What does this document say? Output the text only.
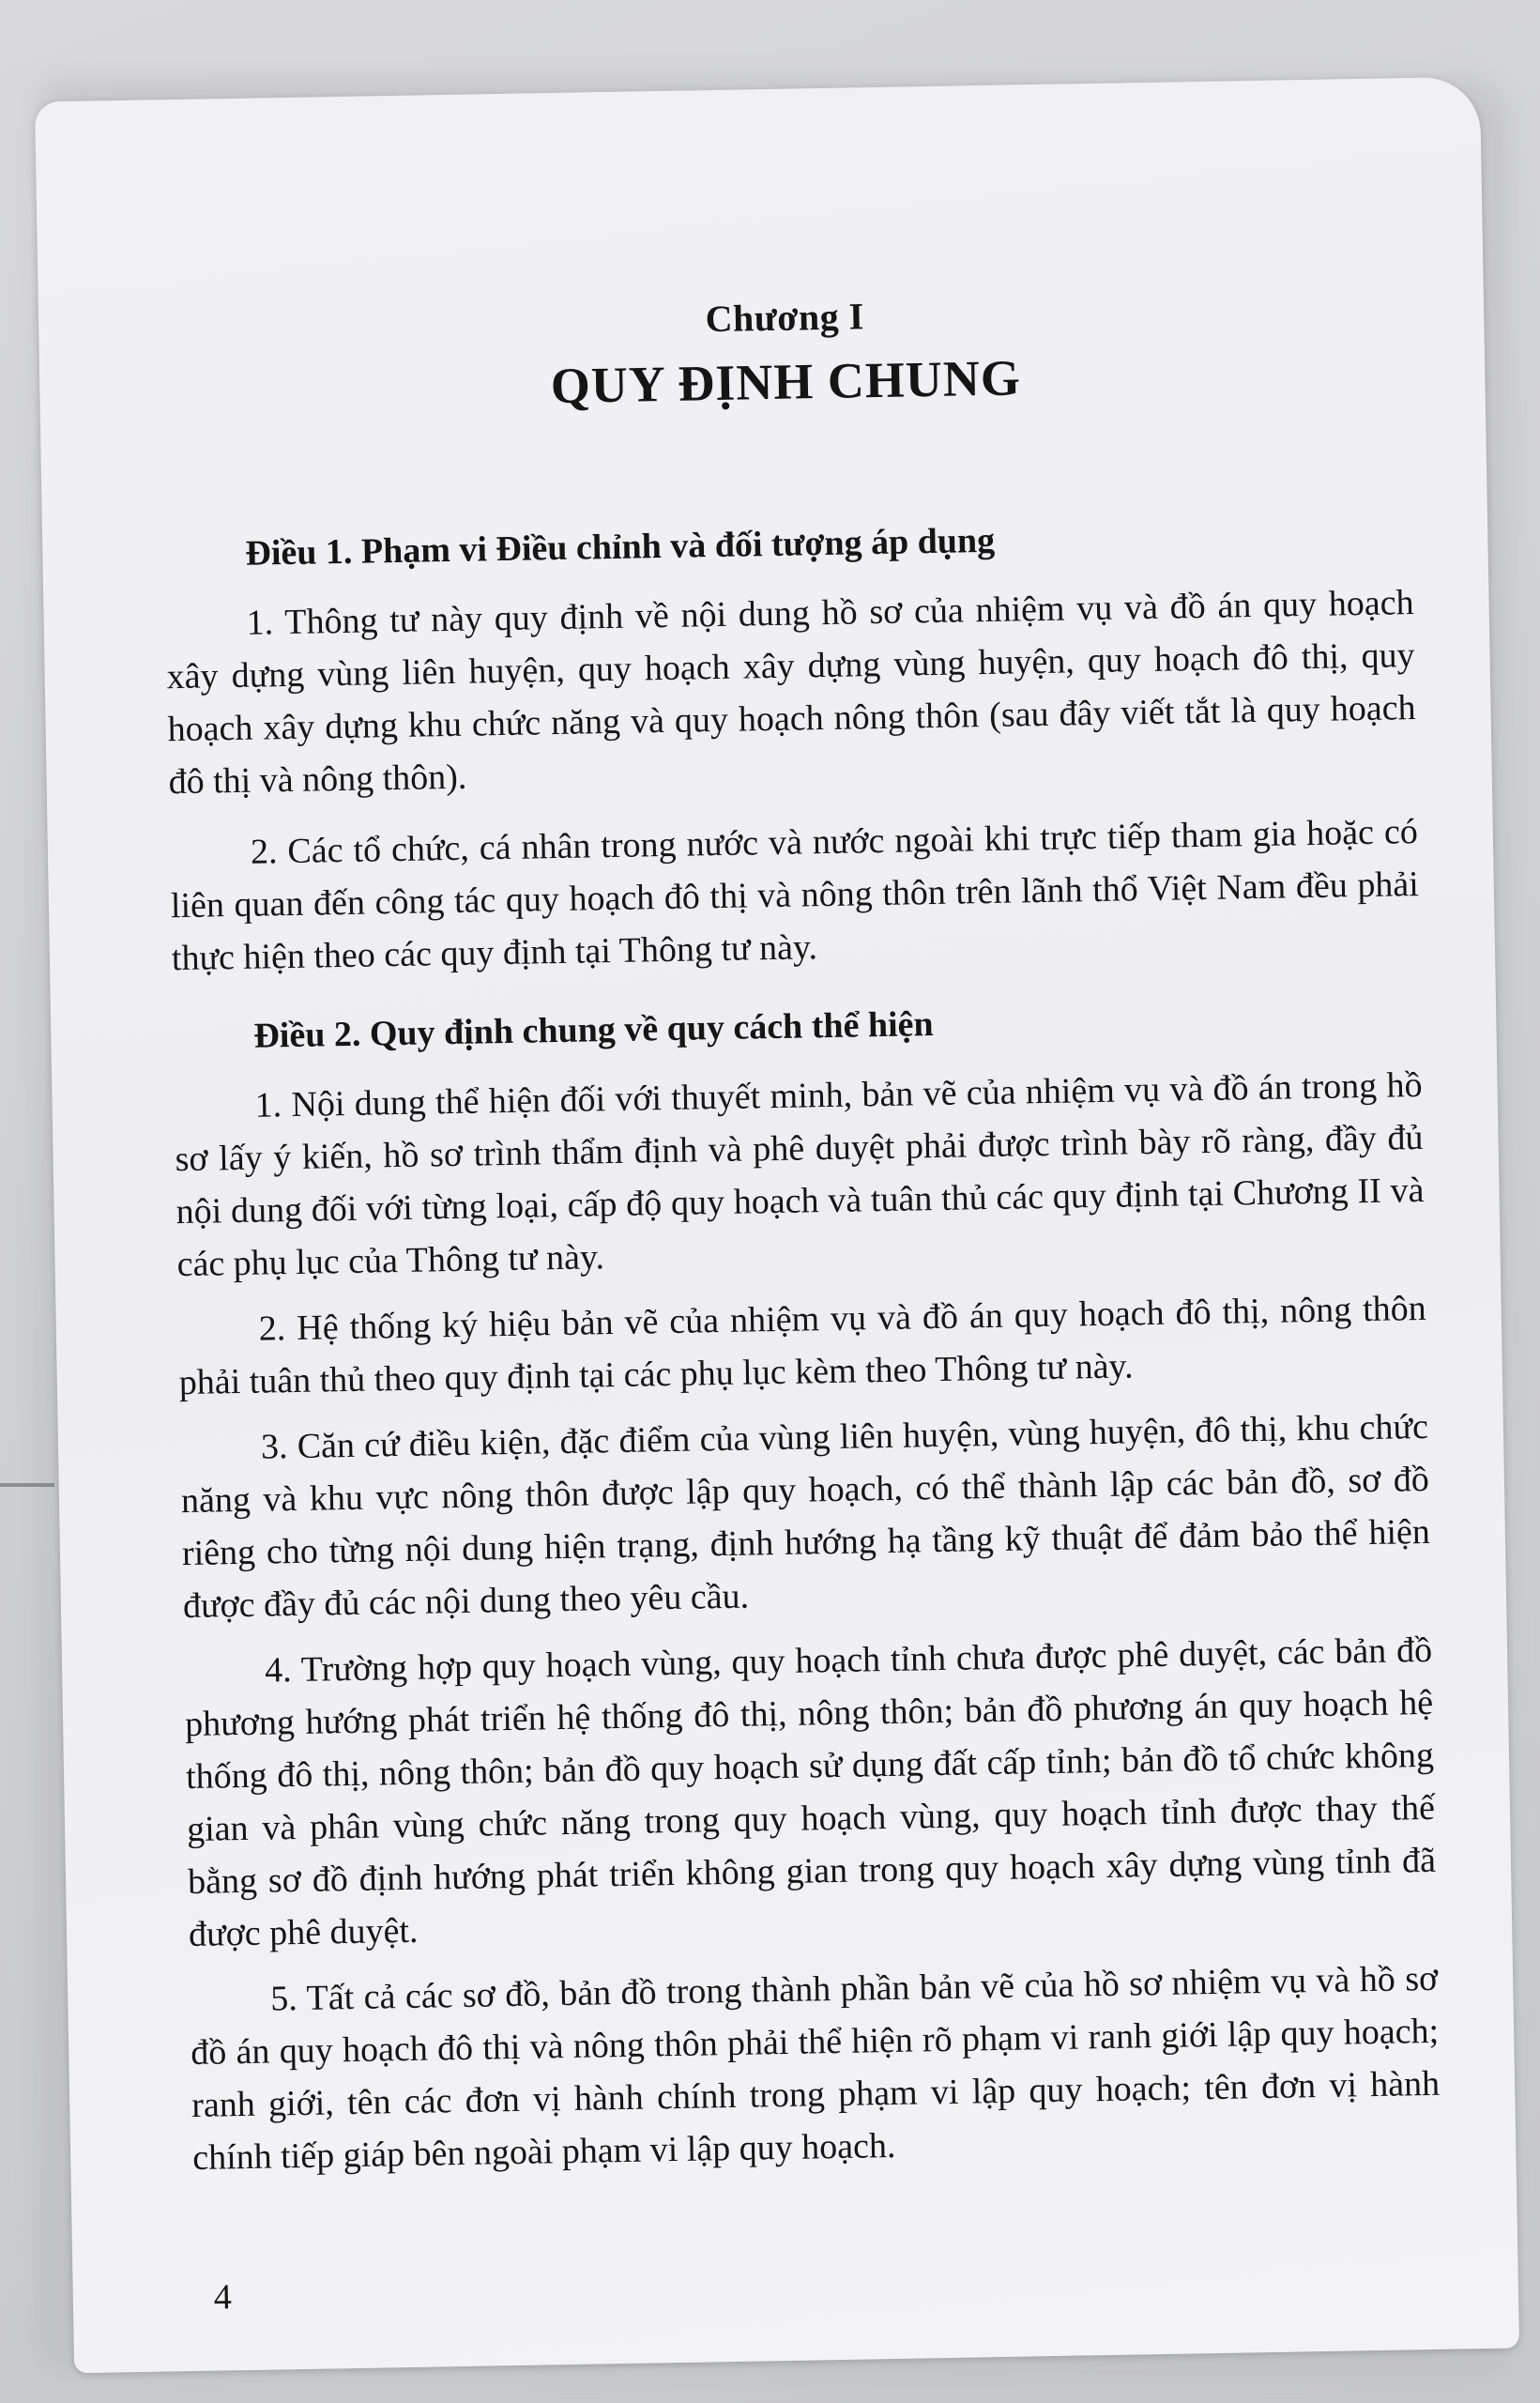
​	​
​
​
Chương I
QUY ĐỊNH CHUNG
Điều 1. Phạm vi Điều chỉnh và đối tượng áp dụng

1. Thông tư này quy định về nội dung hồ sơ của nhiệm vụ và đồ án quy hoạch xây dựng vùng liên huyện, quy hoạch xây dựng vùng huyện, quy hoạch đô thị, quy hoạch xây dựng khu chức năng và quy hoạch nông thôn (sau đây viết tắt là quy hoạch đô thị và nông thôn).

2. Các tổ chức, cá nhân trong nước và nước ngoài khi trực tiếp tham gia hoặc có liên quan đến công tác quy hoạch đô thị và nông thôn trên lãnh thổ Việt Nam đều phải thực hiện theo các quy định tại Thông tư này.

Điều 2. Quy định chung về quy cách thể hiện

1. Nội dung thể hiện đối với thuyết minh, bản vẽ của nhiệm vụ và đồ án trong hồ sơ lấy ý kiến, hồ sơ trình thẩm định và phê duyệt phải được trình bày rõ ràng, đầy đủ nội dung đối với từng loại, cấp độ quy hoạch và tuân thủ các quy định tại Chương II và các phụ lục của Thông tư này.

2. Hệ thống ký hiệu bản vẽ của nhiệm vụ và đồ án quy hoạch đô thị, nông thôn phải tuân thủ theo quy định tại các phụ lục kèm theo Thông tư này.

3. Căn cứ điều kiện, đặc điểm của vùng liên huyện, vùng huyện, đô thị, khu chức năng và khu vực nông thôn được lập quy hoạch, có thể thành lập các bản đồ, sơ đồ riêng cho từng nội dung hiện trạng, định hướng hạ tầng kỹ thuật để đảm bảo thể hiện được đầy đủ các nội dung theo yêu cầu.

4. Trường hợp quy hoạch vùng, quy hoạch tỉnh chưa được phê duyệt, các bản đồ phương hướng phát triển hệ thống đô thị, nông thôn; bản đồ phương án quy hoạch hệ thống đô thị, nông thôn; bản đồ quy hoạch sử dụng đất cấp tỉnh; bản đồ tổ chức không gian và phân vùng chức năng trong quy hoạch vùng, quy hoạch tỉnh được thay thế bằng sơ đồ định hướng phát triển không gian trong quy hoạch xây dựng vùng tỉnh đã được phê duyệt.

5. Tất cả các sơ đồ, bản đồ trong thành phần bản vẽ của hồ sơ nhiệm vụ và hồ sơ đồ án quy hoạch đô thị và nông thôn phải thể hiện rõ phạm vi ranh giới lập quy hoạch; ranh giới, tên các đơn vị hành chính trong phạm vi lập quy hoạch; tên đơn vị hành chính tiếp giáp bên ngoài phạm vi lập quy hoạch.

4
